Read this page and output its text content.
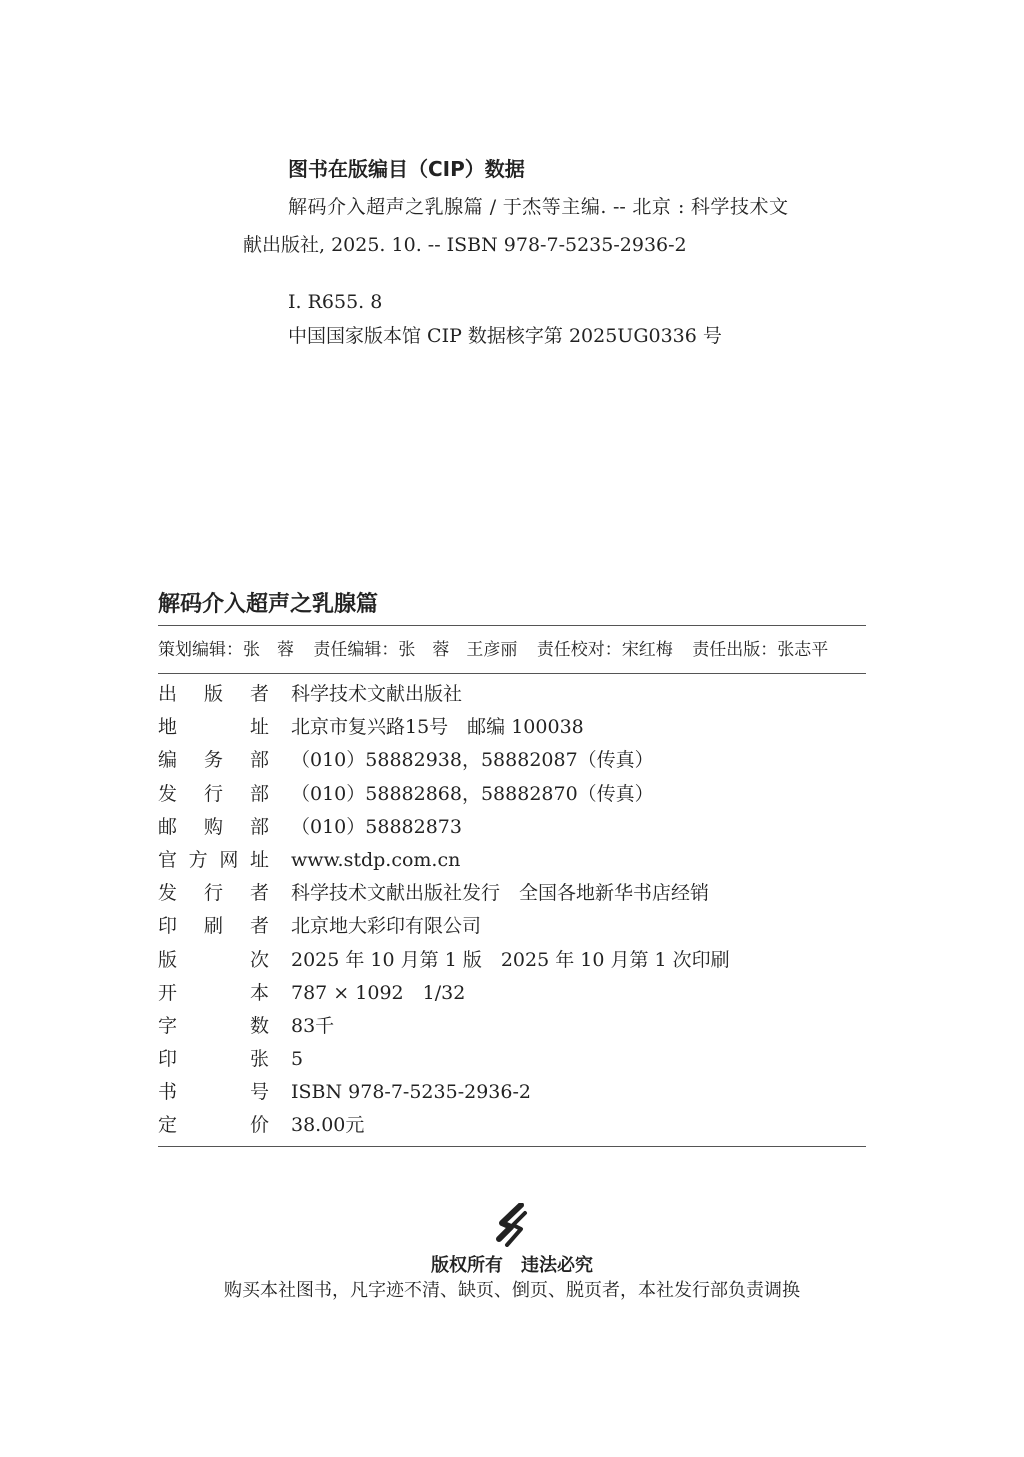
图书在版编目（CIP）数据
解码介入超声之乳腺篇 / 于杰等主编. -- 北京 : 科学技术文献出版社, 2025. 10. -- ISBN 978-7-5235-2936-2
Ⅰ. R655. 8
中国国家版本馆 CIP 数据核字第 2025UG0336 号
解码介入超声之乳腺篇
策划编辑：张　蓉 责任编辑：张　蓉　王彦丽 责任校对：宋红梅 责任出版：张志平
出 版 者 科学技术文献出版社
地	址 北京市复兴路15号　邮编 100038
编 务 部 （010）58882938，58882087（传真）
发 行 部 （010）58882868，58882870（传真）
邮 购 部 （010）58882873
官 方 网 址 www.stdp.com.cn
发 行 者 科学技术文献出版社发行　全国各地新华书店经销
印 刷 者 北京地大彩印有限公司
版	次 2025 年 10 月第 1 版　2025 年 10 月第 1 次印刷
开	本 787 × 1092　1/32
字	数 83千
印	张 5
书	号 ISBN 978-7-5235-2936-2
定	价 38.00元
版权所有　违法必究
购买本社图书，凡字迹不清、缺页、倒页、脱页者，本社发行部负责调换
